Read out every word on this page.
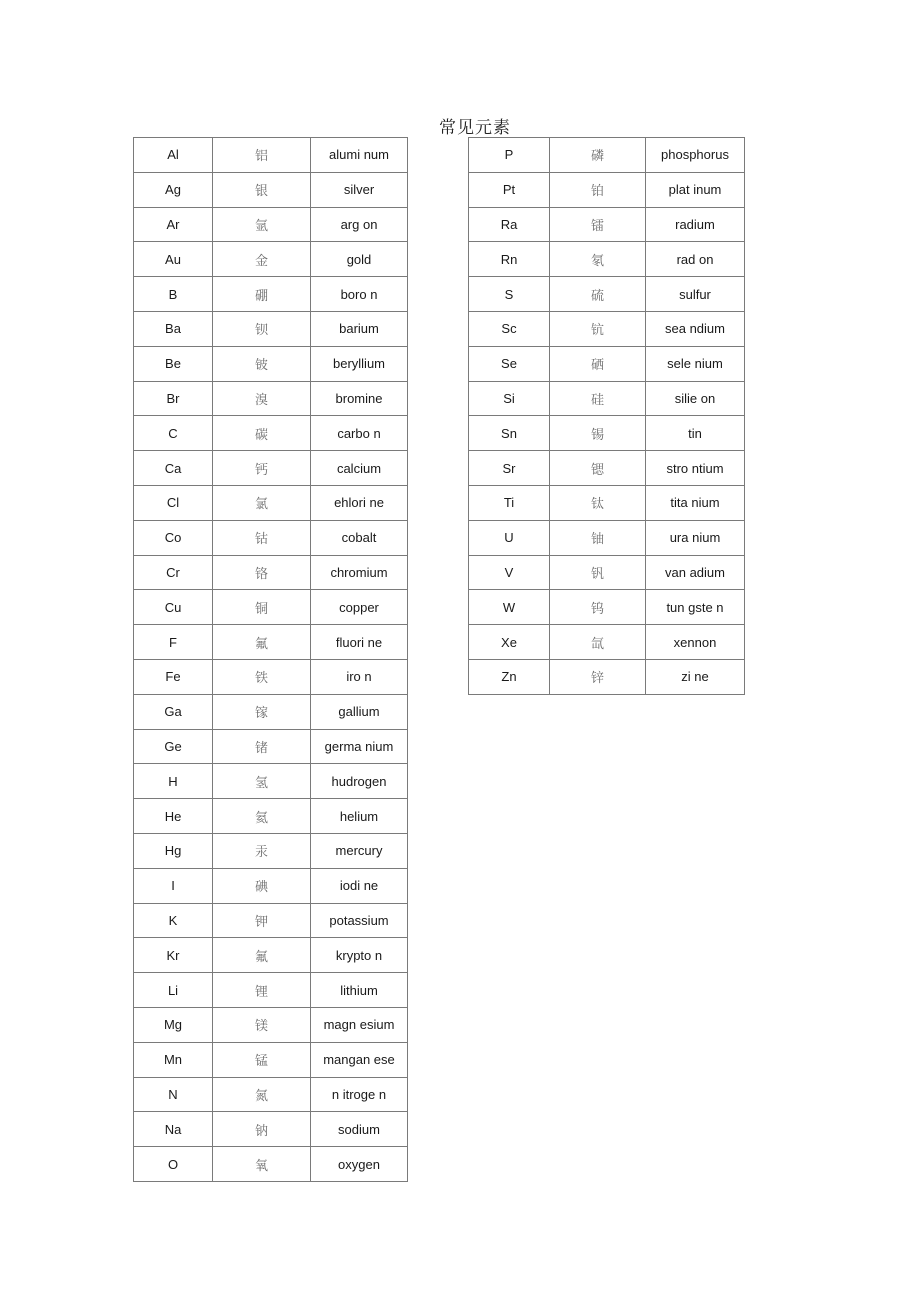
常见元素
Al	铝	alumi num
Ag	银	silver
Ar	氩	arg on
Au	金	gold
B	硼	boro n
Ba	钡	barium
Be	铍	beryllium
Br	溴	bromine
C	碳	carbo n
Ca	钙	calcium
Cl	氯	ehlori ne
Co	钴	cobalt
Cr	铬	chromium
Cu	铜	copper
F	氟	fluori ne
Fe	铁	iro n
Ga	镓	gallium
Ge	锗	germa nium
H	氢	hudrogen
He	氦	helium
Hg	汞	mercury
I	碘	iodi ne
K	钾	potassium
Kr	氟	krypto n
Li	锂	lithium
Mg	镁	magn esium
Mn	锰	mangan ese
N	氮	n itroge n
Na	钠	sodium
O	氧	oxygen
P	磷	phosphorus
Pt	铂	plat inum
Ra	镭	radium
Rn	氡	rad on
S	硫	sulfur
Sc	钪	sea ndium
Se	硒	sele nium
Si	硅	silie on
Sn	锡	tin
Sr	锶	stro ntium
Ti	钛	tita nium
U	铀	ura nium
V	钒	van adium
W	钨	tun gste n
Xe	氙	xennon
Zn	锌	zi ne
